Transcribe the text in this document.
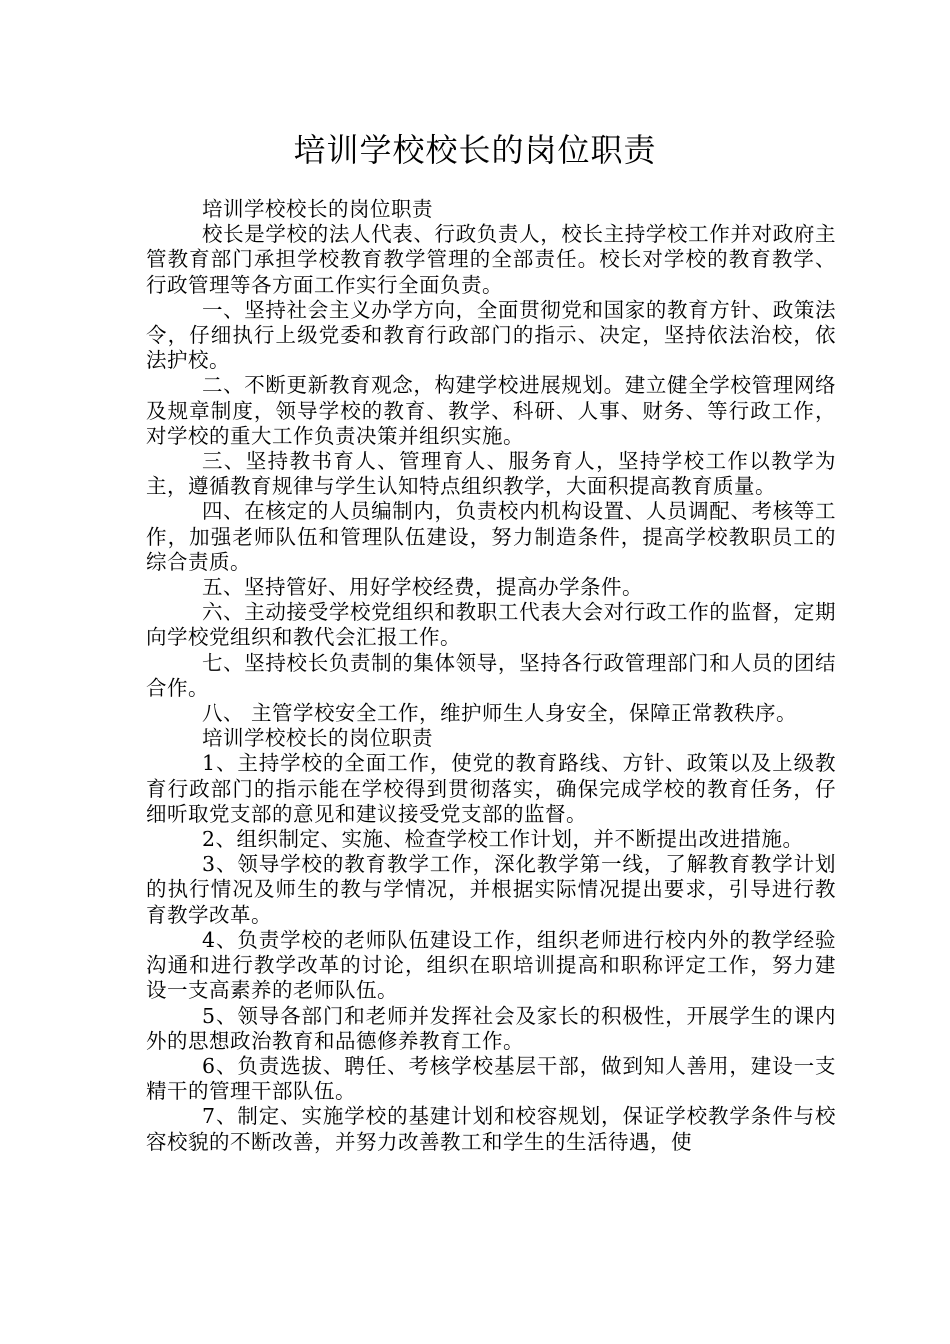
培训学校校长的岗位职责

培训学校校长的岗位职责

校长是学校的法人代表、行政负责人，校长主持学校工作并对政府主管教育部门承担学校教育教学管理的全部责任。校长对学校的教育教学、行政管理等各方面工作实行全面负责。

一、坚持社会主义办学方向，全面贯彻党和国家的教育方针、政策法令，仔细执行上级党委和教育行政部门的指示、决定，坚持依法治校，依法护校。

二、不断更新教育观念，构建学校进展规划。建立健全学校管理网络及规章制度，领导学校的教育、教学、科研、人事、财务、等行政工作，对学校的重大工作负责决策并组织实施。

三、坚持教书育人、管理育人、服务育人，坚持学校工作以教学为主，遵循教育规律与学生认知特点组织教学，大面积提高教育质量。

四、在核定的人员编制内，负责校内机构设置、人员调配、考核等工作，加强老师队伍和管理队伍建设，努力制造条件，提高学校教职员工的综合责质。

五、坚持管好、用好学校经费，提高办学条件。

六、主动接受学校党组织和教职工代表大会对行政工作的监督，定期向学校党组织和教代会汇报工作。

七、坚持校长负责制的集体领导，坚持各行政管理部门和人员的团结合作。

八、 主管学校安全工作，维护师生人身安全，保障正常教秩序。

培训学校校长的岗位职责

1、主持学校的全面工作，使党的教育路线、方针、政策以及上级教育行政部门的指示能在学校得到贯彻落实，确保完成学校的教育任务，仔细听取党支部的意见和建议接受党支部的监督。

2、组织制定、实施、检查学校工作计划，并不断提出改进措施。

3、领导学校的教育教学工作，深化教学第一线，了解教育教学计划的执行情况及师生的教与学情况，并根据实际情况提出要求，引导进行教育教学改革。

4、负责学校的老师队伍建设工作，组织老师进行校内外的教学经验沟通和进行教学改革的讨论，组织在职培训提高和职称评定工作，努力建设一支高素养的老师队伍。

5、领导各部门和老师并发挥社会及家长的积极性，开展学生的课内外的思想政治教育和品德修养教育工作。

6、负责选拔、聘任、考核学校基层干部，做到知人善用，建设一支精干的管理干部队伍。

7、制定、实施学校的基建计划和校容规划，保证学校教学条件与校容校貌的不断改善，并努力改善教工和学生的生活待遇，使
